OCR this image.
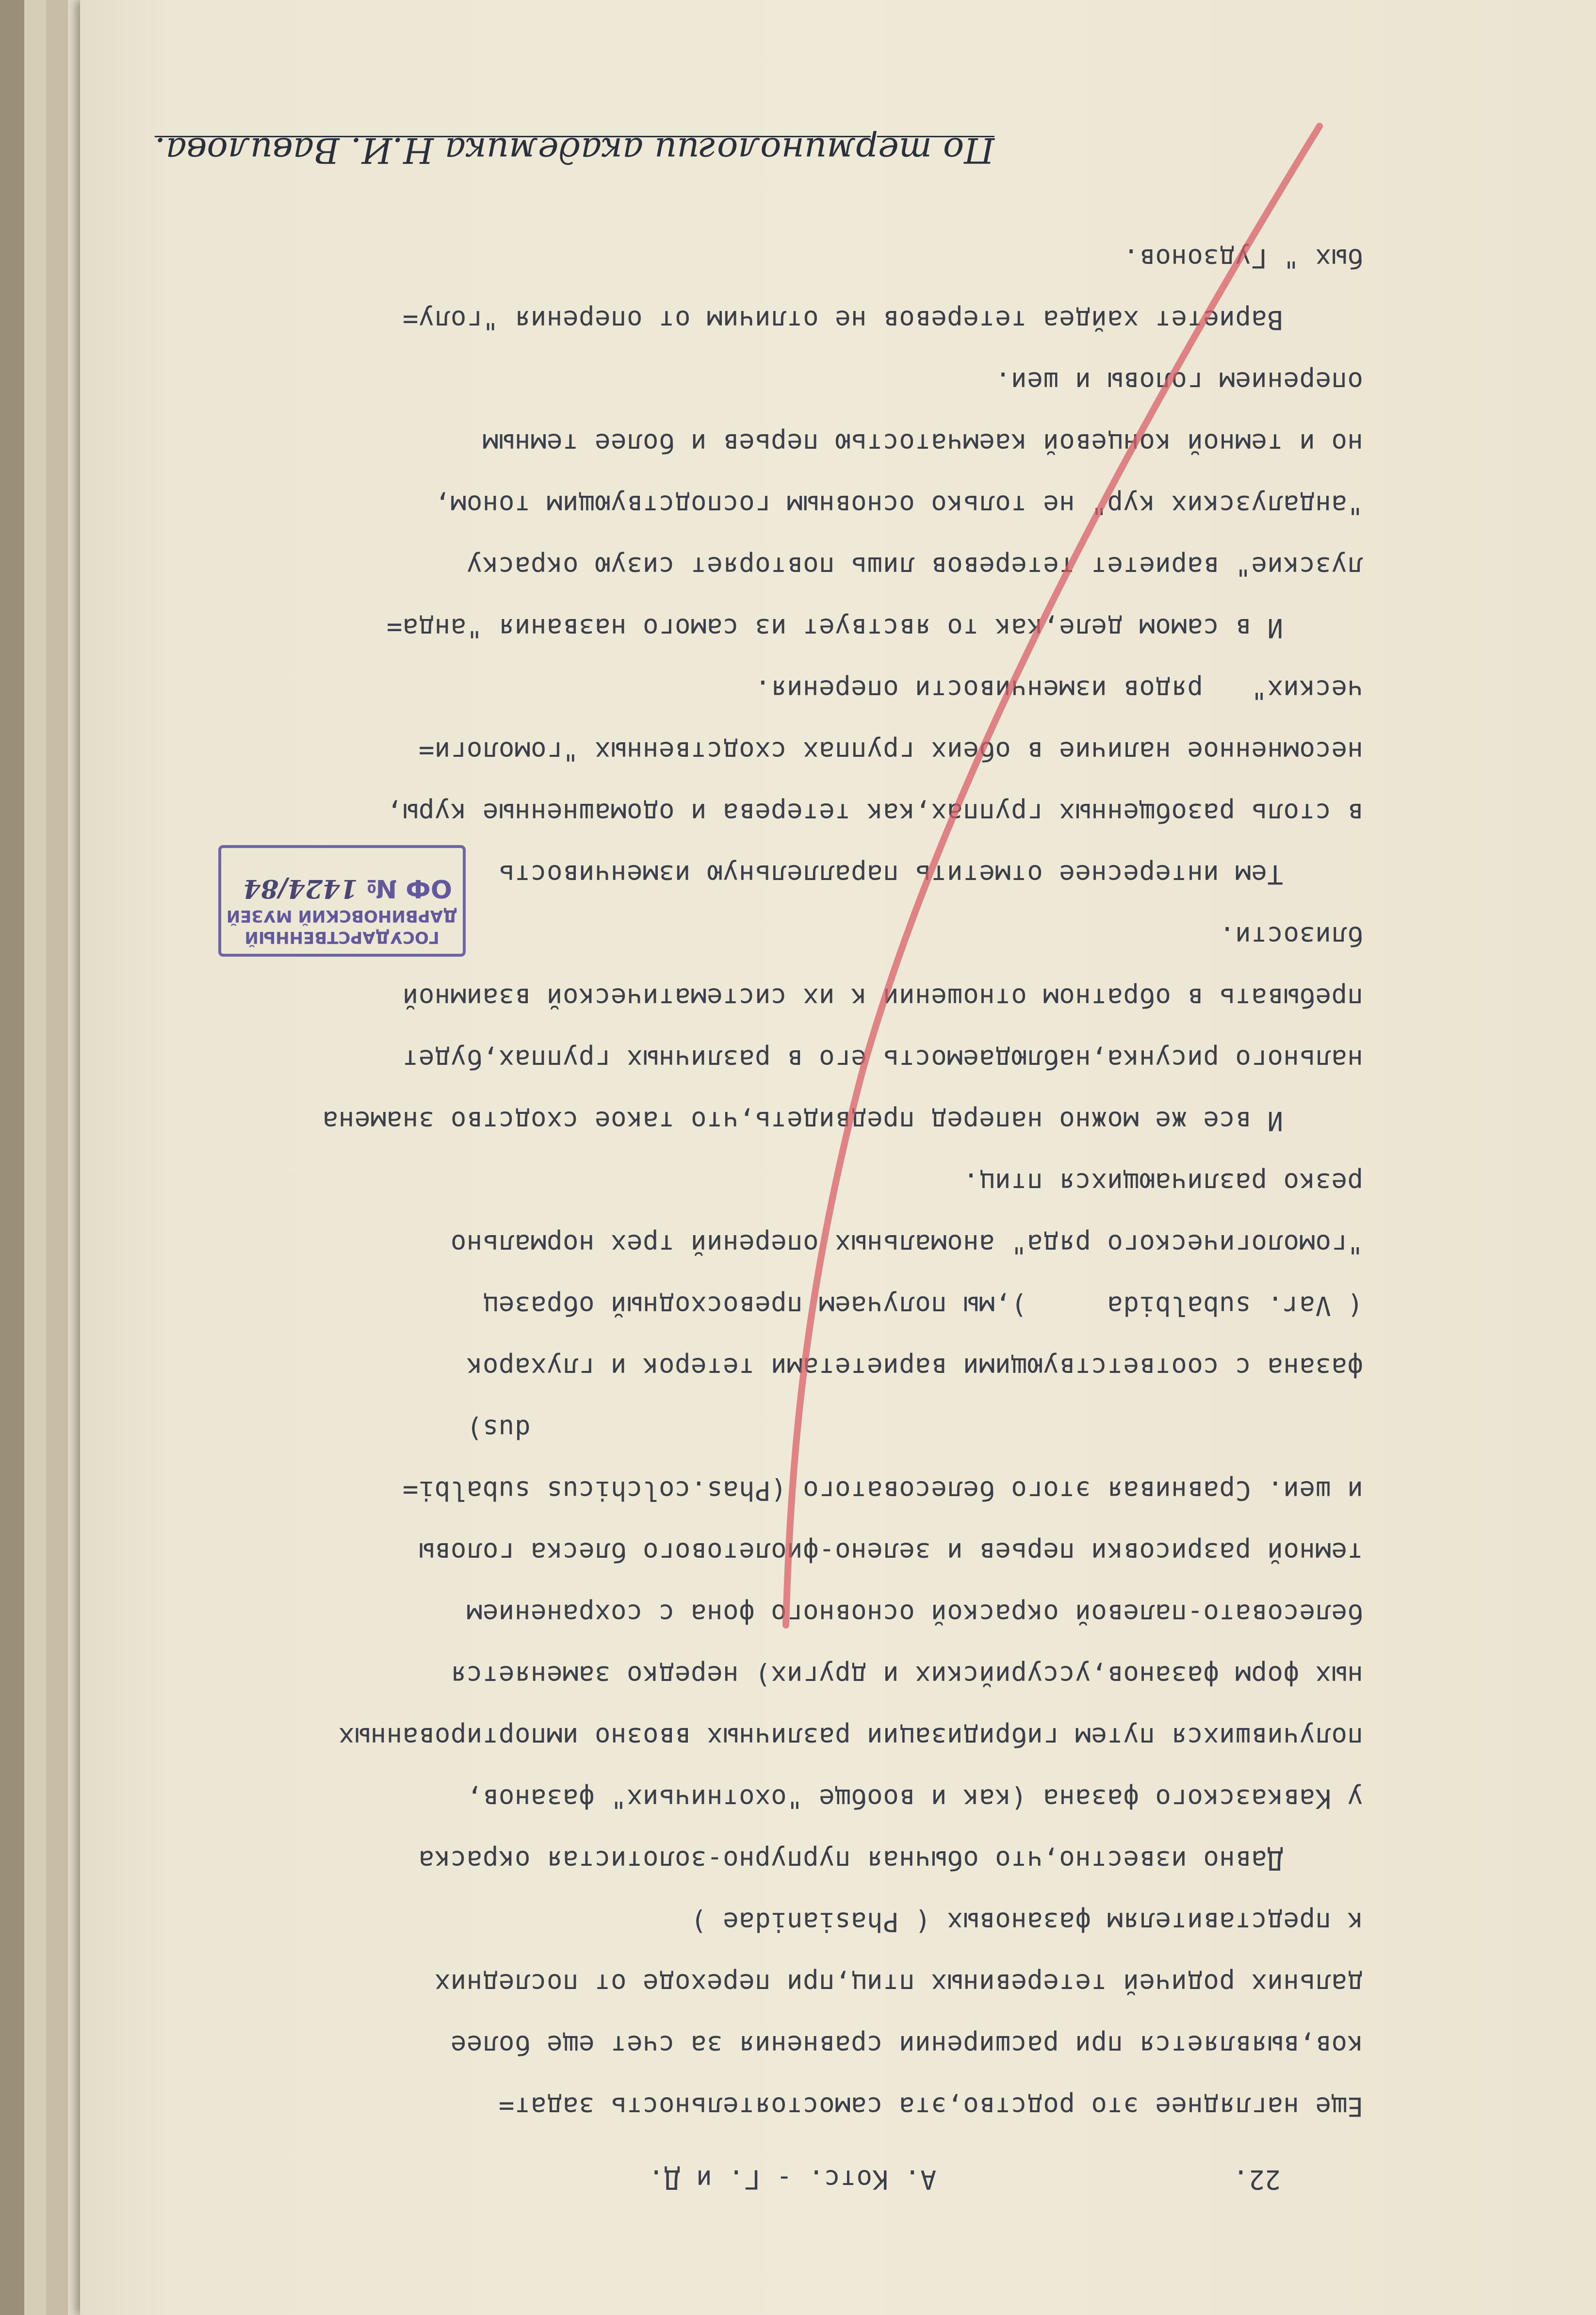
22.
А. Котс. - Г. и Д.
Еще нагляднее это родство,эта самостоятельность задат=
ков,выявляется при расширении сравнения за счет еще более
дальних родичей тетеревиных птиц,при переходе от последних
к представителям фазановых ( Phasianidae )
Давно известно,что обычная пурпурно-золотистая окраска
у Кавказского фазана (как и вообще "охотничьих" фазанов,
получившихся путем гибридизации различных ввозно импортированных
ных форм фазанов,уссурийских и других) нередко заменяется
белесовато-палевой окраской основного фона с сохранением
темной разрисовки перьев и зелено-фиолетового блеска головы
и шеи. Сравнивая этого белесоватого (Phas.colchicus subalbi=
dus)
фазана с соответствующими вариететами тетерок и глухарок
( Var. subalbida     ),мы получаем превосходный образец
"гомологического ряда" аномальных оперений трех нормально
резко различающихся птиц.
И все же можно наперед предвидеть,что такое сходство знамена
нального рисунка,наблюдаемость его в различных группах,будет
пребывать в обратном отношении к их систематической взаимной
близости.
Тем интереснее отметить параллельную изменчивость
в столь разобщенных группах,как тетерева и одомашненные куры,
несомненное наличие в обеих группах сходственных "гомологи=
ческих"   рядов изменчивости оперения.
И в самом деле,как то явствует из самого названия "анда=
лузские" вариетет тетеревов лишь повторяет сизую окраску
"андалузских кур" не только основным господствующим тоном,
но и темной концевой каемчатостью перьев и более темным
оперением головы и шеи.
Вариетет хайдеа тетеревов не отличим от оперения "голу=
бых " Гудзонов.
По терминологии академика Н.И. Вавилова.
ГОСУДАРСТВЕННЫЙ
ДАРВИНОВСКИЙ МУЗЕЙ
ОФ № 1424/84
